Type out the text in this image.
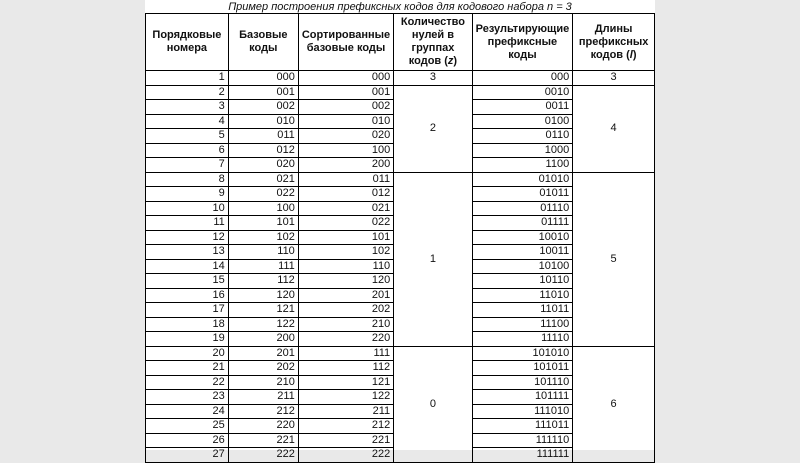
Пример построения префиксных кодов для кодового набора n = 3
Порядковые номера	Базовые коды	Сортированные базовые коды	Количество нулей в группах кодов (z)	Результирующие префиксные коды	Длины префиксных кодов (l)
1	000	000	3	000	3
2	001	001	2	0010	4
3	002	002		0011	
4	010	010		0100	
5	011	020		0110	
6	012	100		1000	
7	020	200		1100	
8	021	011	1	01010	5
9	022	012		01011	
10	100	021		01110	
11	101	022		01111	
12	102	101		10010	
13	110	102		10011	
14	111	110		10100	
15	112	120		10110	
16	120	201		11010	
17	121	202		11011	
18	122	210		11100	
19	200	220		11110	
20	201	111	0	101010	6
21	202	112		101011	
22	210	121		101110	
23	211	122		101111	
24	212	211		111010	
25	220	212		111011	
26	221	221		111110	
27	222	222		111111	
